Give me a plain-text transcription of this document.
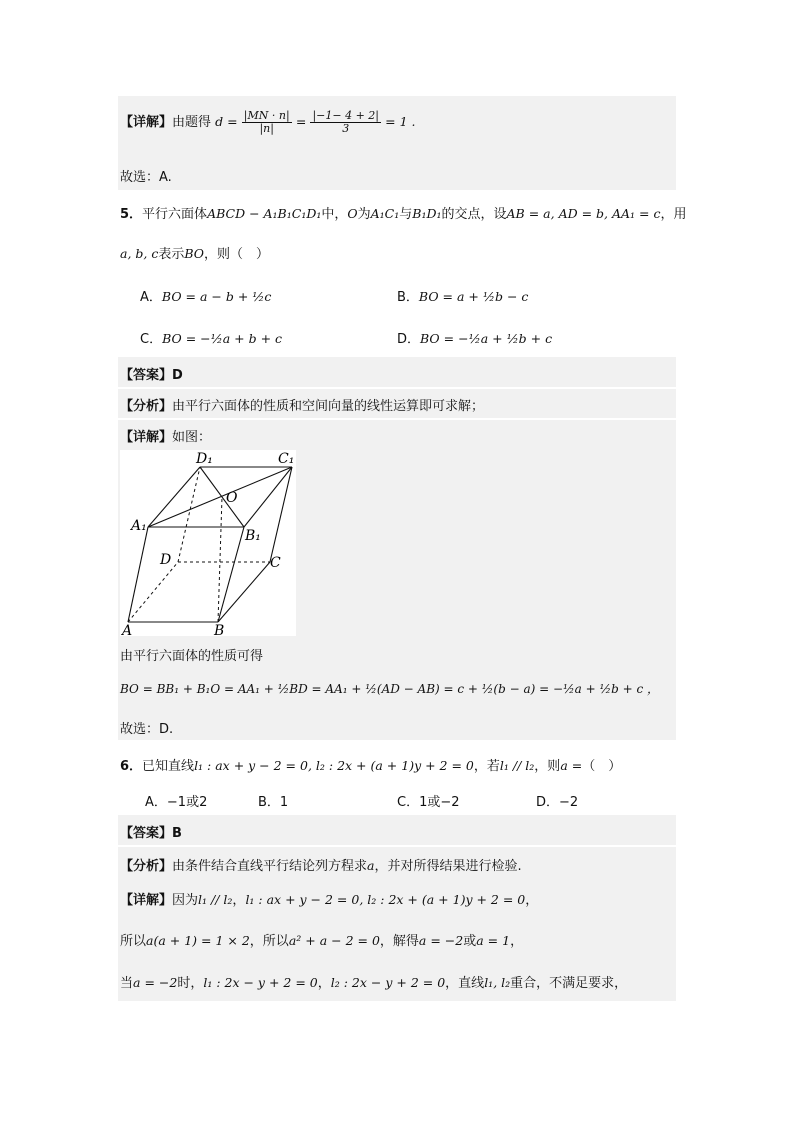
【详解】由题得 $d = \frac{|MN \cdot n|}{|n|} = \frac{|-1- 4 + 2|}{3} = 1$ .
故选：A.
5．平行六面体ABCD − A₁B₁C₁D₁中，O为A₁C₁与B₁D₁的交点，设AB = a, AD = b, AA₁ = c，用
a, b, c表示BO，则（　）
A．BO = a − b + ½c	B．BO = a + ½b − c
C．BO = −½a + b + c	D．BO = −½a + ½b + c
【答案】D
【分析】由平行六面体的性质和空间向量的线性运算即可求解；
【详解】如图：
D₁	C₁
A₁
B₁
O
D	C
A	B
由平行六面体的性质可得
BO = BB₁ + B₁O = AA₁ + ½BD = AA₁ + ½(AD − AB) = c + ½(b − a) = −½a + ½b + c ，
故选：D.
6．已知直线l₁ : ax + y − 2 = 0, l₂ : 2x + (a + 1)y + 2 = 0，若l₁ // l₂，则a =（　）
A．−1或2	B．1	C．1或−2	D．−2
【答案】B
【分析】由条件结合直线平行结论列方程求a，并对所得结果进行检验.
【详解】因为l₁ // l₂，l₁ : ax + y − 2 = 0, l₂ : 2x + (a + 1)y + 2 = 0，
所以a(a + 1) = 1 × 2，所以a² + a − 2 = 0，解得a = −2或a = 1，
当a = −2时，l₁ : 2x − y + 2 = 0，l₂ : 2x − y + 2 = 0，直线l₁, l₂重合，不满足要求，
